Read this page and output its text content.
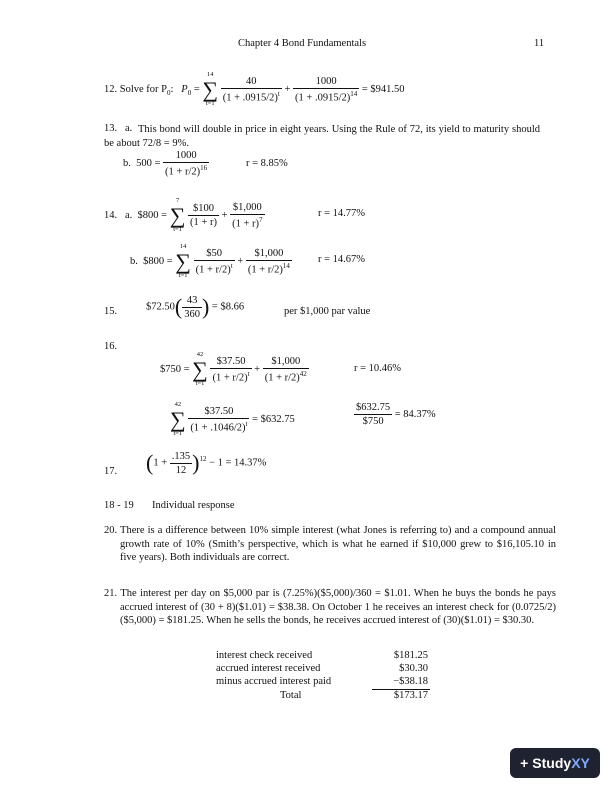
Chapter 4 Bond Fundamentals	11
12. Solve for $P_0$: $P_0$ =
14
∑
t=1
$\frac{40}{(1 + .0915/2)^t} + \frac{1000}{(1 + .0915/2)^{14}}$ = $941.50
13. a. This bond will double in price in eight years. Using the Rule of 72, its yield to maturity should be about 72/8 = 9%.
b. $500 = \frac{1000}{(1 + r/2)^{16}}$	r = 8.85%
14. a. $800 =
7
∑
t=1

$\frac{\$100}{(1 + r)} + \frac{\$1,000}{(1 + r)^7}$	r = 14.77%
b. $800 =
14
∑
t=1
$\frac{\$50}{(1 + r/2)^t} + \frac{\$1,000}{(1 + r/2)^{14}}$ r = 14.67%
15.	$72.50( $\frac{43}{360}$ ) = $8.66	per $1,000 par value
16.
$750 =
42
∑
t=1
$\frac{\$37.50}{(1 + r/2)^t} + \frac{\$1,000}{(1 + r/2)^{42}}$	r = 10.46%
42
∑
t=1
$\frac{\$37.50}{(1 + .1046/2)^t}$ = $632.75	$\frac{\$632.75}{\$750} = 84.37\%$
17. $(1 + \frac{.135}{12} )^{12} - 1 = 14.37\%$
18 - 19 Individual response
20. There is a difference between 10% simple interest (what Jones is referring to) and a compound annual growth rate of 10% (Smith’s perspective, which is what he earned if $10,000 grew to $16,105.10 in five years). Both individuals are correct.
21. The interest per day on $5,000 par is (7.25%)($5,000)/360 = $1.01. When he buys the bonds he pays accrued interest of (30 + 8)($1.01) = $38.38. On October 1 he receives an interest check for (0.0725/2)($5,000) = $181.25. When he sells the bonds, he receives accrued interest of (30)($1.01) = $30.30.
interest check received	$181.25
accrued interest received	$30.30
minus accrued interest paid	−$38.18
Total	$173.17
+ StudyXY
